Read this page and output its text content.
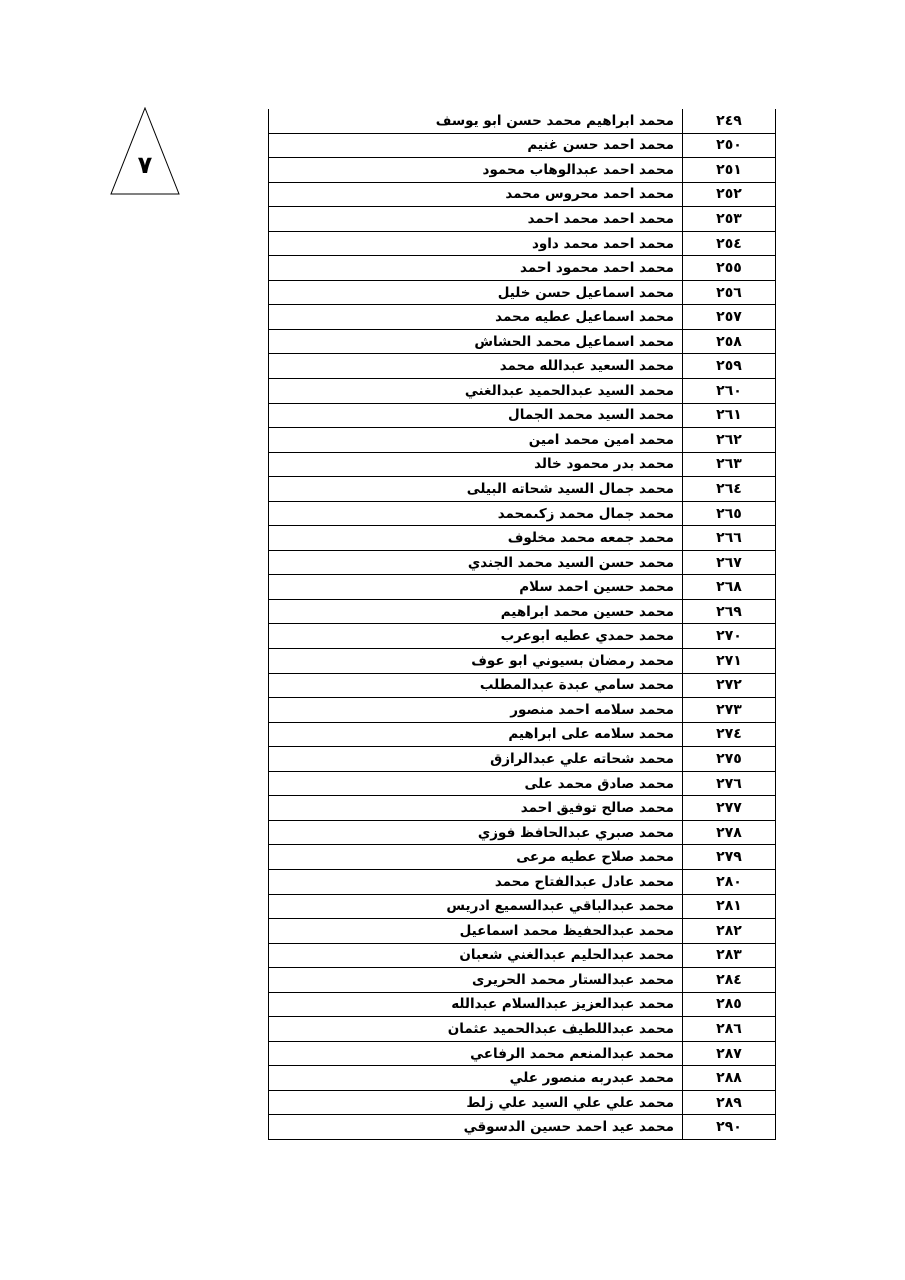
٧
٢٤٩	محمد ابراهيم محمد حسن ابو يوسف
٢٥٠	محمد احمد حسن غنيم
٢٥١	محمد احمد عبدالوهاب محمود
٢٥٢	محمد احمد محروس محمد
٢٥٣	محمد احمد محمد احمد
٢٥٤	محمد احمد محمد داود
٢٥٥	محمد احمد محمود احمد
٢٥٦	محمد اسماعيل حسن خليل
٢٥٧	محمد اسماعيل عطيه محمد
٢٥٨	محمد اسماعيل محمد الحشاش
٢٥٩	محمد السعيد عبدالله محمد
٢٦٠	محمد السيد عبدالحميد عبدالغني
٢٦١	محمد السيد محمد الجمال
٢٦٢	محمد امين محمد امين
٢٦٣	محمد بدر محمود خالد
٢٦٤	محمد جمال السيد شحاته البيلى
٢٦٥	محمد جمال محمد زكىمحمد
٢٦٦	محمد جمعه محمد مخلوف
٢٦٧	محمد حسن السيد محمد الجندي
٢٦٨	محمد حسين احمد سلام
٢٦٩	محمد حسين محمد ابراهيم
٢٧٠	محمد حمدي عطيه ابوعرب
٢٧١	محمد رمضان بسيوني ابو عوف
٢٧٢	محمد سامي عبدة عبدالمطلب
٢٧٣	محمد سلامه احمد منصور
٢٧٤	محمد سلامه على ابراهيم
٢٧٥	محمد شحاته علي عبدالرازق
٢٧٦	محمد صادق محمد على
٢٧٧	محمد صالح توفيق احمد
٢٧٨	محمد صبري عبدالحافظ فوزي
٢٧٩	محمد صلاح عطيه مرعى
٢٨٠	محمد عادل عبدالفتاح محمد
٢٨١	محمد عبدالباقي عبدالسميع ادريس
٢٨٢	محمد عبدالحفيظ محمد اسماعيل
٢٨٣	محمد عبدالحليم عبدالغني شعبان
٢٨٤	محمد عبدالستار محمد الحريرى
٢٨٥	محمد عبدالعزيز عبدالسلام عبدالله
٢٨٦	محمد عبداللطيف عبدالحميد عثمان
٢٨٧	محمد عبدالمنعم محمد الرفاعي
٢٨٨	محمد عبدربه منصور علي
٢٨٩	محمد علي علي السيد علي زلط
٢٩٠	محمد عيد احمد حسين الدسوقي
